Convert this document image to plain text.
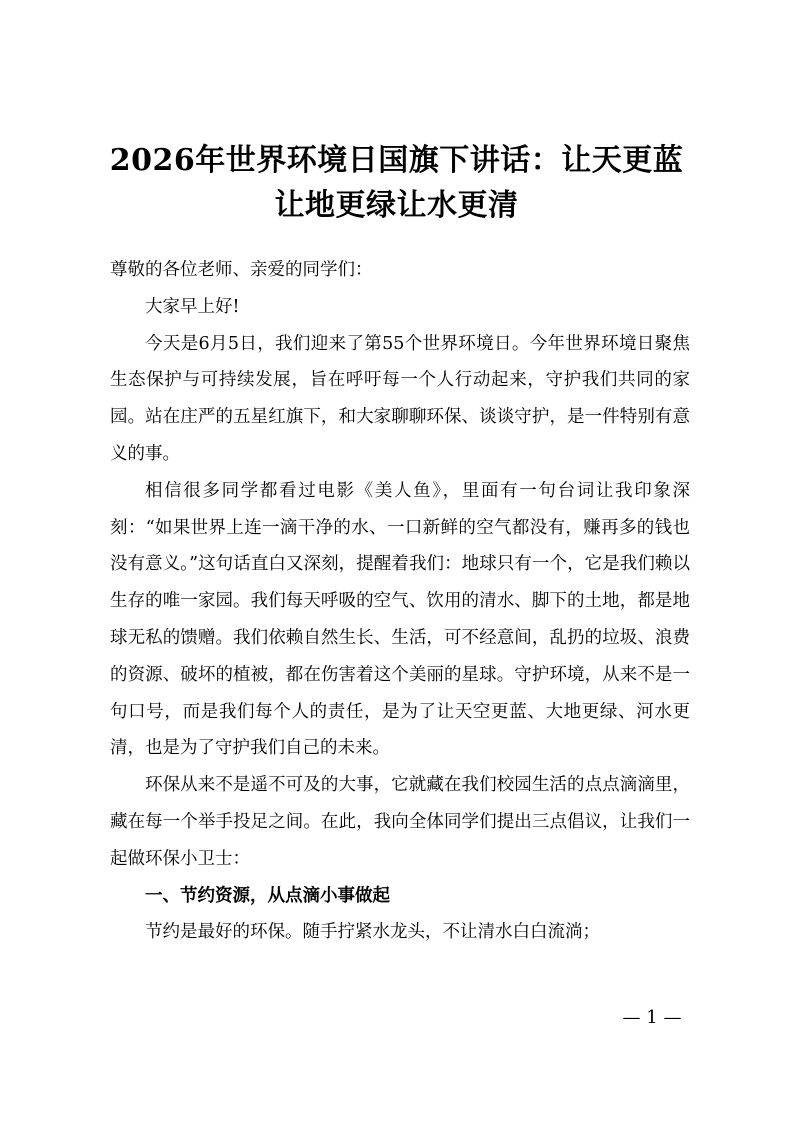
2026年世界环境日国旗下讲话：让天更蓝
让地更绿让水更清

尊敬的各位老师、亲爱的同学们：

大家早上好!

今天是6月5日，我们迎来了第55个世界环境日。今年世界环境日聚焦生态保护与可持续发展，旨在呼吁每一个人行动起来，守护我们共同的家园。站在庄严的五星红旗下，和大家聊聊环保、谈谈守护，是一件特别有意义的事。

相信很多同学都看过电影《美人鱼》，里面有一句台词让我印象深刻：“如果世界上连一滴干净的水、一口新鲜的空气都没有，赚再多的钱也没有意义。”这句话直白又深刻，提醒着我们：地球只有一个，它是我们赖以生存的唯一家园。我们每天呼吸的空气、饮用的清水、脚下的土地，都是地球无私的馈赠。我们依赖自然生长、生活，可不经意间，乱扔的垃圾、浪费的资源、破坏的植被，都在伤害着这个美丽的星球。守护环境，从来不是一句口号，而是我们每个人的责任，是为了让天空更蓝、大地更绿、河水更清，也是为了守护我们自己的未来。

环保从来不是遥不可及的大事，它就藏在我们校园生活的点点滴滴里，藏在每一个举手投足之间。在此，我向全体同学们提出三点倡议，让我们一起做环保小卫士：

一、节约资源，从点滴小事做起

节约是最好的环保。随手拧紧水龙头，不让清水白白流淌；

— 1 —
